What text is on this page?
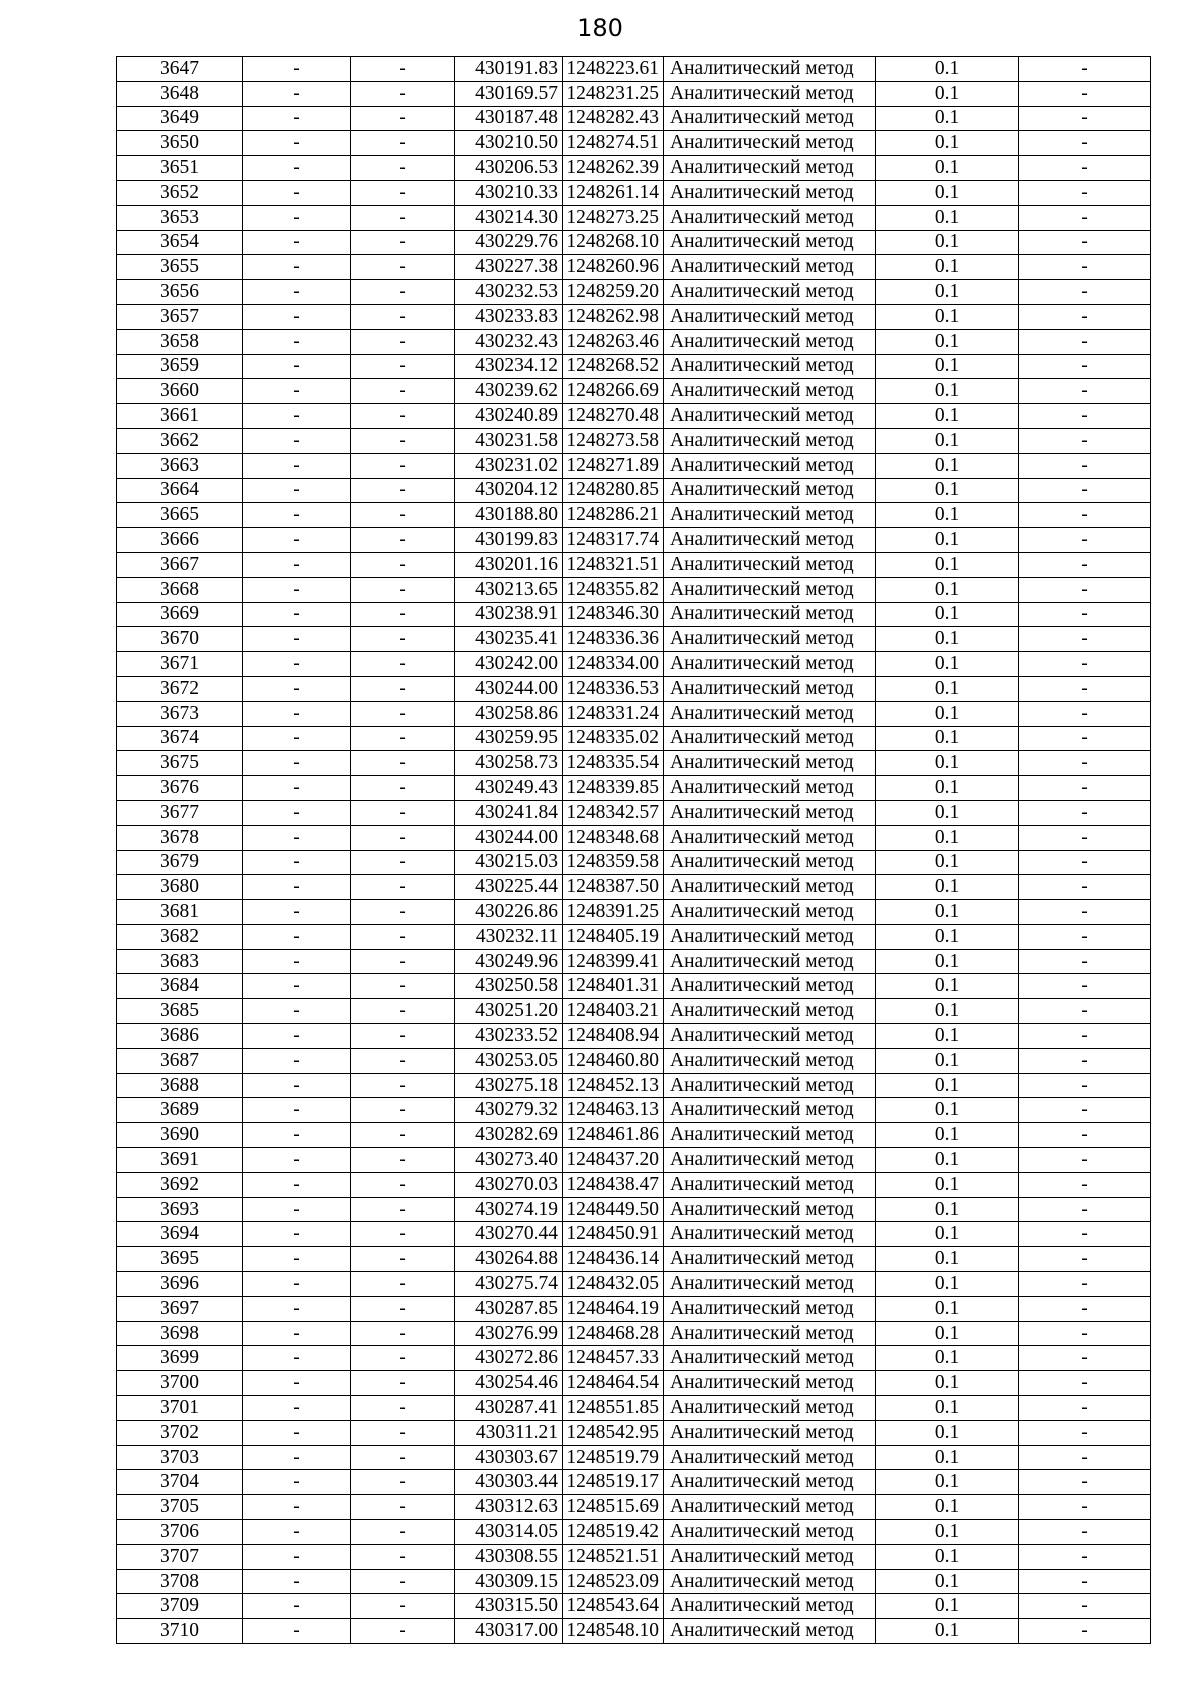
180
3647	-	-	430191.83	1248223.61	Аналитический метод	0.1	-
3648	-	-	430169.57	1248231.25	Аналитический метод	0.1	-
3649	-	-	430187.48	1248282.43	Аналитический метод	0.1	-
3650	-	-	430210.50	1248274.51	Аналитический метод	0.1	-
3651	-	-	430206.53	1248262.39	Аналитический метод	0.1	-
3652	-	-	430210.33	1248261.14	Аналитический метод	0.1	-
3653	-	-	430214.30	1248273.25	Аналитический метод	0.1	-
3654	-	-	430229.76	1248268.10	Аналитический метод	0.1	-
3655	-	-	430227.38	1248260.96	Аналитический метод	0.1	-
3656	-	-	430232.53	1248259.20	Аналитический метод	0.1	-
3657	-	-	430233.83	1248262.98	Аналитический метод	0.1	-
3658	-	-	430232.43	1248263.46	Аналитический метод	0.1	-
3659	-	-	430234.12	1248268.52	Аналитический метод	0.1	-
3660	-	-	430239.62	1248266.69	Аналитический метод	0.1	-
3661	-	-	430240.89	1248270.48	Аналитический метод	0.1	-
3662	-	-	430231.58	1248273.58	Аналитический метод	0.1	-
3663	-	-	430231.02	1248271.89	Аналитический метод	0.1	-
3664	-	-	430204.12	1248280.85	Аналитический метод	0.1	-
3665	-	-	430188.80	1248286.21	Аналитический метод	0.1	-
3666	-	-	430199.83	1248317.74	Аналитический метод	0.1	-
3667	-	-	430201.16	1248321.51	Аналитический метод	0.1	-
3668	-	-	430213.65	1248355.82	Аналитический метод	0.1	-
3669	-	-	430238.91	1248346.30	Аналитический метод	0.1	-
3670	-	-	430235.41	1248336.36	Аналитический метод	0.1	-
3671	-	-	430242.00	1248334.00	Аналитический метод	0.1	-
3672	-	-	430244.00	1248336.53	Аналитический метод	0.1	-
3673	-	-	430258.86	1248331.24	Аналитический метод	0.1	-
3674	-	-	430259.95	1248335.02	Аналитический метод	0.1	-
3675	-	-	430258.73	1248335.54	Аналитический метод	0.1	-
3676	-	-	430249.43	1248339.85	Аналитический метод	0.1	-
3677	-	-	430241.84	1248342.57	Аналитический метод	0.1	-
3678	-	-	430244.00	1248348.68	Аналитический метод	0.1	-
3679	-	-	430215.03	1248359.58	Аналитический метод	0.1	-
3680	-	-	430225.44	1248387.50	Аналитический метод	0.1	-
3681	-	-	430226.86	1248391.25	Аналитический метод	0.1	-
3682	-	-	430232.11	1248405.19	Аналитический метод	0.1	-
3683	-	-	430249.96	1248399.41	Аналитический метод	0.1	-
3684	-	-	430250.58	1248401.31	Аналитический метод	0.1	-
3685	-	-	430251.20	1248403.21	Аналитический метод	0.1	-
3686	-	-	430233.52	1248408.94	Аналитический метод	0.1	-
3687	-	-	430253.05	1248460.80	Аналитический метод	0.1	-
3688	-	-	430275.18	1248452.13	Аналитический метод	0.1	-
3689	-	-	430279.32	1248463.13	Аналитический метод	0.1	-
3690	-	-	430282.69	1248461.86	Аналитический метод	0.1	-
3691	-	-	430273.40	1248437.20	Аналитический метод	0.1	-
3692	-	-	430270.03	1248438.47	Аналитический метод	0.1	-
3693	-	-	430274.19	1248449.50	Аналитический метод	0.1	-
3694	-	-	430270.44	1248450.91	Аналитический метод	0.1	-
3695	-	-	430264.88	1248436.14	Аналитический метод	0.1	-
3696	-	-	430275.74	1248432.05	Аналитический метод	0.1	-
3697	-	-	430287.85	1248464.19	Аналитический метод	0.1	-
3698	-	-	430276.99	1248468.28	Аналитический метод	0.1	-
3699	-	-	430272.86	1248457.33	Аналитический метод	0.1	-
3700	-	-	430254.46	1248464.54	Аналитический метод	0.1	-
3701	-	-	430287.41	1248551.85	Аналитический метод	0.1	-
3702	-	-	430311.21	1248542.95	Аналитический метод	0.1	-
3703	-	-	430303.67	1248519.79	Аналитический метод	0.1	-
3704	-	-	430303.44	1248519.17	Аналитический метод	0.1	-
3705	-	-	430312.63	1248515.69	Аналитический метод	0.1	-
3706	-	-	430314.05	1248519.42	Аналитический метод	0.1	-
3707	-	-	430308.55	1248521.51	Аналитический метод	0.1	-
3708	-	-	430309.15	1248523.09	Аналитический метод	0.1	-
3709	-	-	430315.50	1248543.64	Аналитический метод	0.1	-
3710	-	-	430317.00	1248548.10	Аналитический метод	0.1	-
